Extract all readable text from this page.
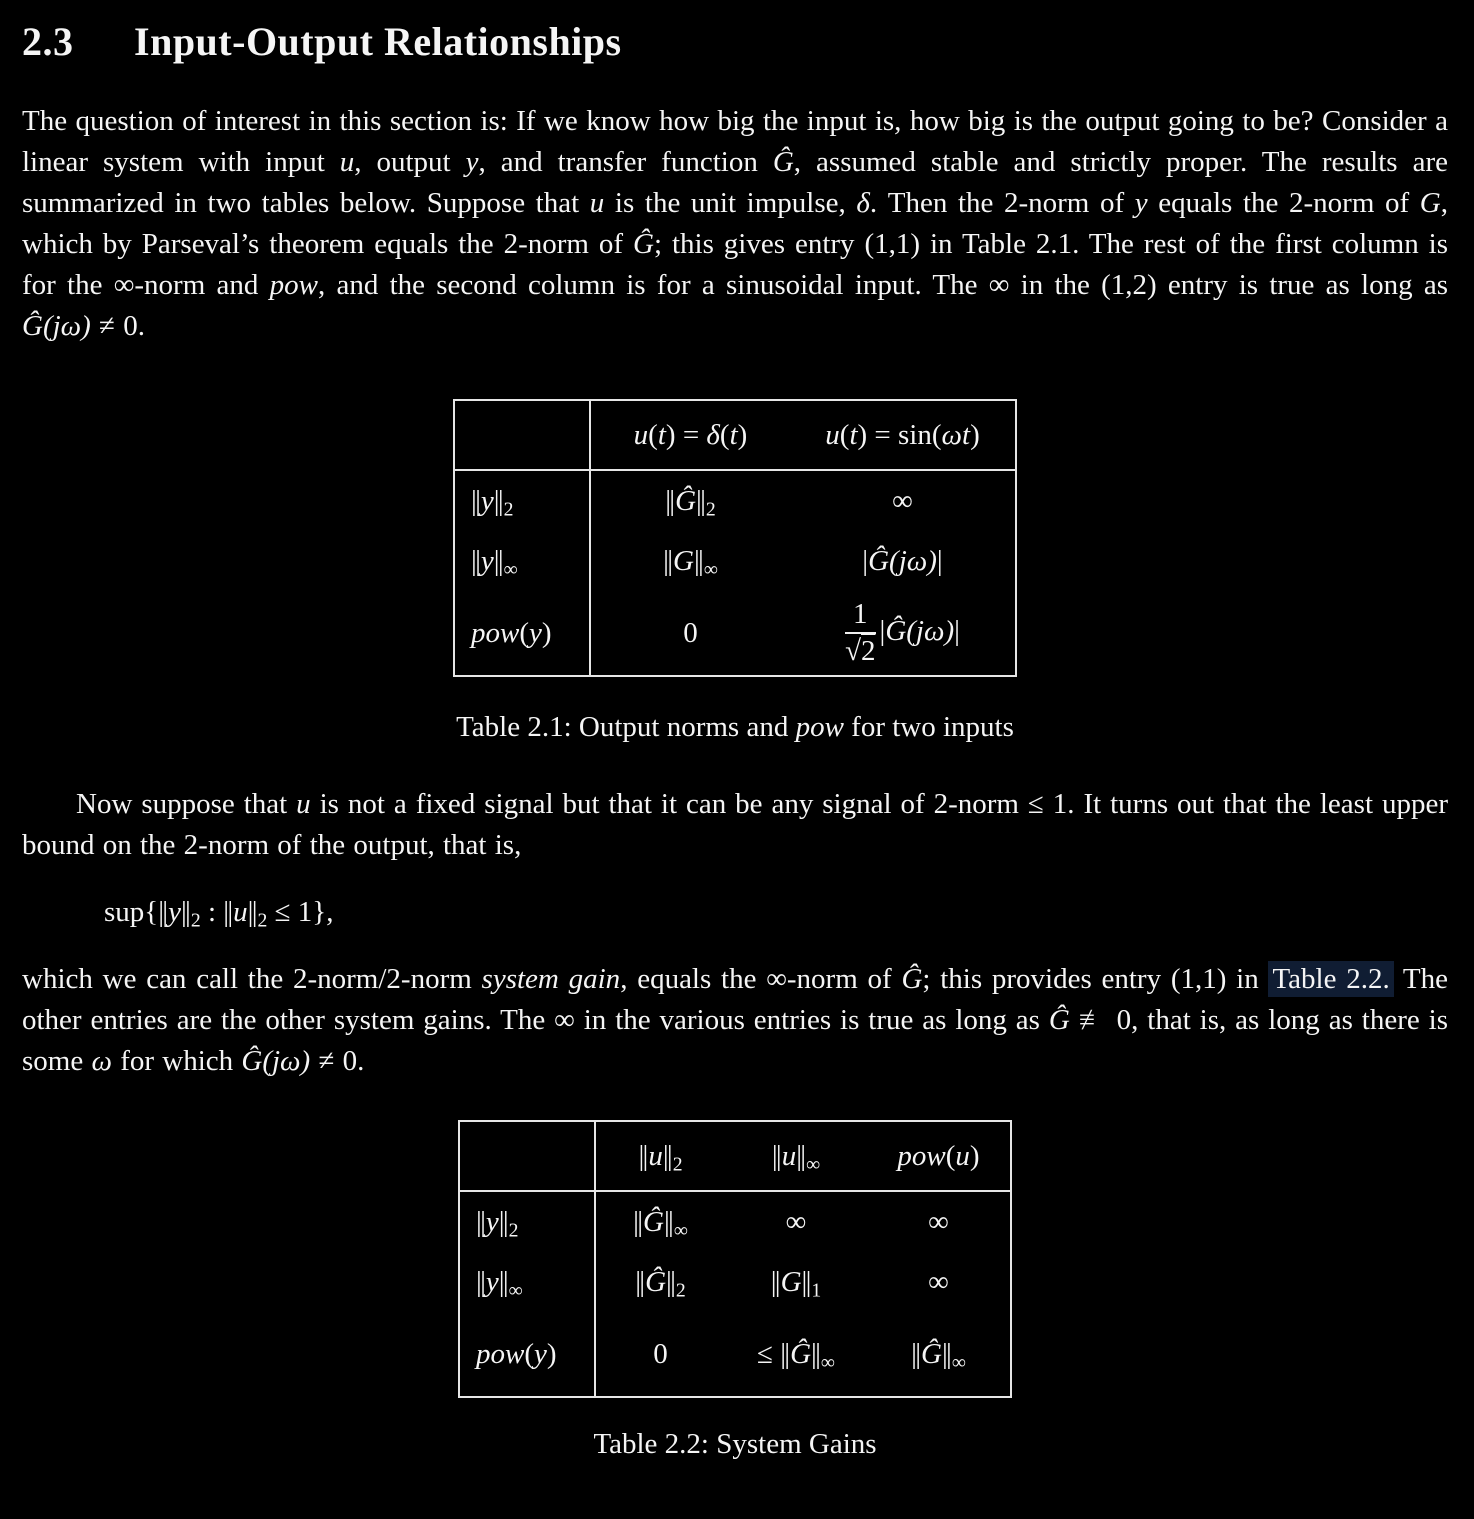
2.3 Input-Output Relationships

The question of interest in this section is: If we know how big the input is, how big is the output going to be? Consider a linear system with input u, output y, and transfer function Ĝ, assumed stable and strictly proper. The results are summarized in two tables below. Suppose that u is the unit impulse, δ. Then the 2-norm of y equals the 2-norm of G, which by Parseval’s theorem equals the 2-norm of Ĝ; this gives entry (1,1) in Table 2.1. The rest of the first column is for the ∞-norm and pow, and the second column is for a sinusoidal input. The ∞ in the (1,2) entry is true as long as Ĝ(jω) ≠ 0.

	u(t) = δ(t)	u(t) = sin(ωt)
$||y||_2$	$||Ĝ||_2$	∞
$||y||_\infty$	$||G||_\infty$	|Ĝ(jω)|
pow(y)	0	$\frac{1}{√2}$ |Ĝ(jω)|
Table 2.1: Output norms and pow for two inputs

Now suppose that u is not a fixed signal but that it can be any signal of 2-norm ≤ 1. It turns out that the least upper bound on the 2-norm of the output, that is,

$sup\{||y||_2$ : $||u||_2 \le 1$},

which we can call the 2-norm/2-norm system gain, equals the ∞-norm of Ĝ; this provides entry (1,1) in Table 2.2. The other entries are the other system gains. The ∞ in the various entries is true as long as Ĝ ≢ 0, that is, as long as there is some ω for which Ĝ(jω) ≠ 0.

	$||u||_2$	$||u||_\infty$	pow(u)
$||y||_2$	$||Ĝ||_\infty$	∞	∞
$||y||_\infty$	$||Ĝ||_2$	$||G||_1$	∞
pow(y)	0	≤ $||Ĝ||_\infty$	$||Ĝ||_\infty$
Table 2.2: System Gains
